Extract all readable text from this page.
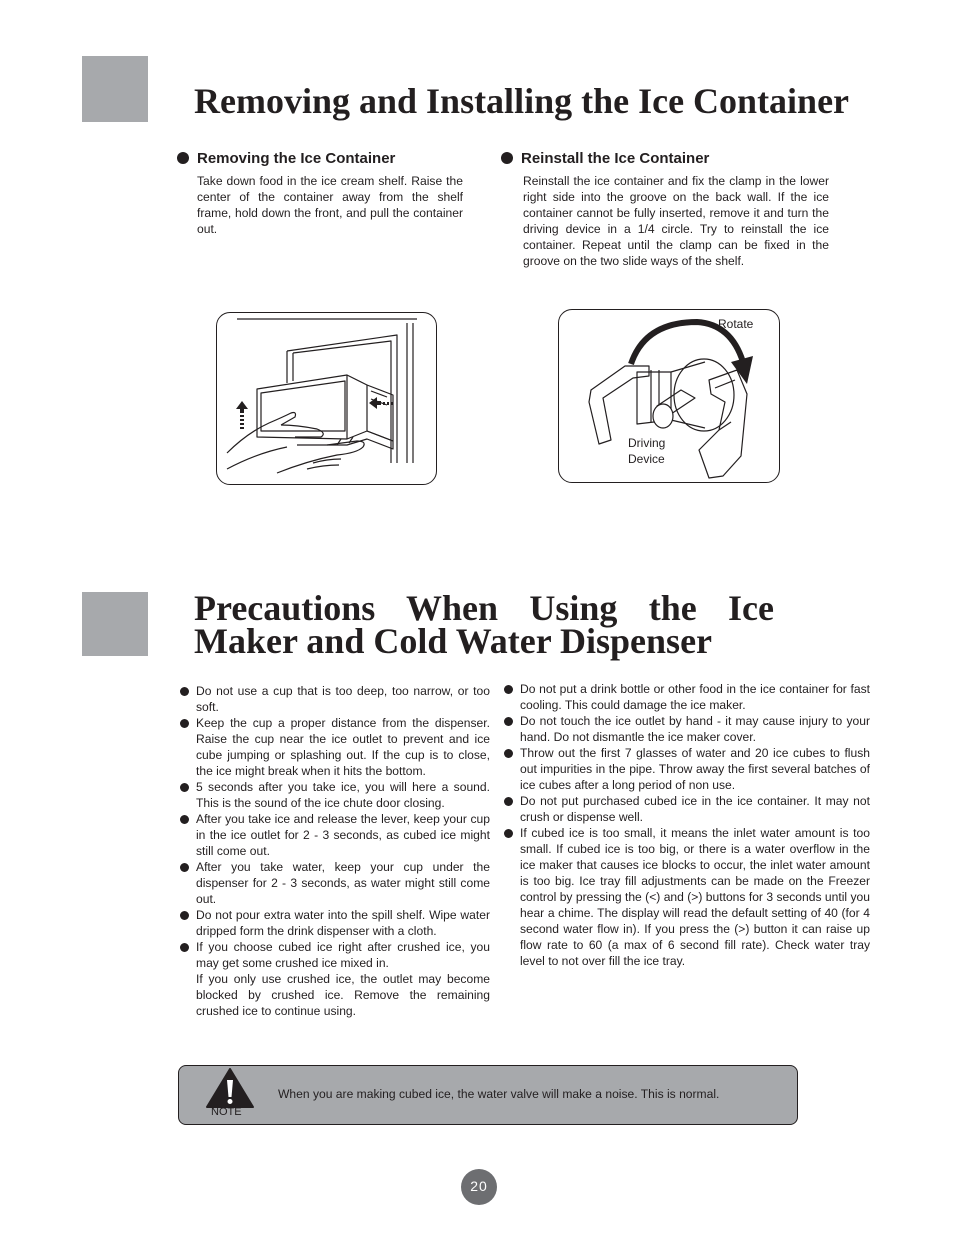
Removing and Installing the Ice Container
Removing the Ice Container
Take down food in the ice cream shelf. Raise the center of the container away from the shelf frame, hold down the front, and pull the container out.
Reinstall the Ice Container
Reinstall the ice container and fix the clamp in the lower right side into the groove on the back wall. If the ice container cannot be fully inserted, remove it and turn the driving device in a 1/4 circle. Try to reinstall the ice container. Repeat until the clamp can be fixed in the groove on the two slide ways of the shelf.
Rotate
Driving
Device
Precautions When Using the Ice
Maker and Cold Water Dispenser
Do not use a cup that is too deep, too narrow, or too soft.
Keep the cup a proper distance from the dispenser. Raise the cup near the ice outlet to prevent and ice cube jumping or splashing out. If the cup is to close, the ice might break when it hits the bottom.
5 seconds after you take ice, you will here a sound. This is the sound of the ice chute door closing.
After you take ice and release the lever, keep your cup in the ice outlet for 2 - 3 seconds, as cubed ice might still come out.
After you take water, keep your cup under the dispenser for 2 - 3 seconds, as water might still come out.
Do not pour extra water into the spill shelf. Wipe water dripped form the drink dispenser with a cloth.
If you choose cubed ice right after crushed ice, you may get some crushed ice mixed in.
If you only use crushed ice, the outlet may become blocked by crushed ice. Remove the remaining crushed ice to continue using.
Do not put a drink bottle or other food in the ice container for fast cooling. This could damage the ice maker.
Do not touch the ice outlet by hand - it may cause injury to your hand. Do not dismantle the ice maker cover.
Throw out the first 7 glasses of water and 20 ice cubes to flush out impurities in the pipe. Throw away the first several batches of ice cubes after a long period of non use.
Do not put purchased cubed ice in the ice container. It may not crush or dispense well.
If cubed ice is too small, it means the inlet water amount is too small. If cubed ice is too big, or there is a water overflow in the ice maker that causes ice blocks to occur, the inlet water amount is too big. Ice tray fill adjustments can be made on the Freezer control by pressing the (<) and (>) buttons for 3 seconds until you hear a chime. The display will read the default setting of 40 (for 4 second water flow in). If you press the (>) button it can raise up flow rate to 60 (a max of 6 second fill rate). Check water tray level to not over fill the ice tray.
NOTE
When you are making cubed ice, the water valve will make a noise. This is normal.
20
